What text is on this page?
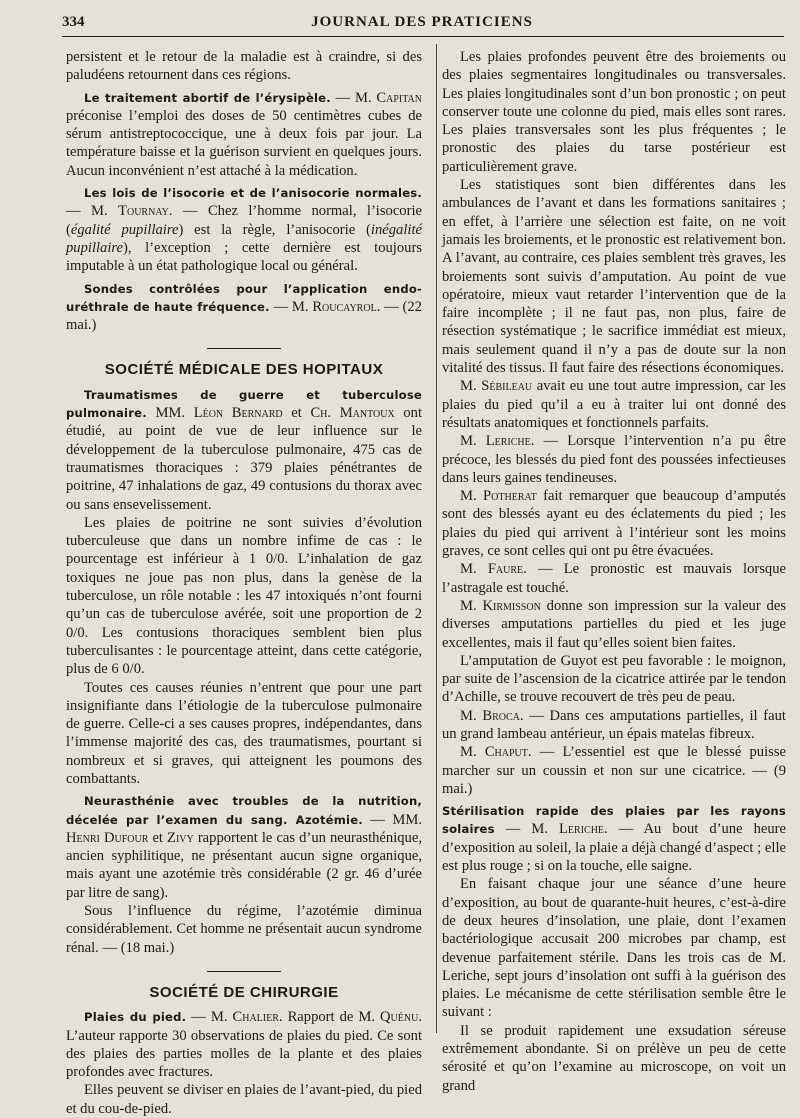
334	JOURNAL DES PRATICIENS

persistent et le retour de la maladie est à craindre, si des paludéens retournent dans ces régions.

Le traitement abortif de l’érysipèle. — M. Capitan préconise l’emploi des doses de 50 centimètres cubes de sérum antistreptococcique, une à deux fois par jour. La température baisse et la guérison survient en quelques jours. Aucun inconvénient n’est attaché à la médication.

Les lois de l’isocorie et de l’anisocorie normales. — M. Tournay. — Chez l’homme normal, l’isocorie (égalité pupillaire) est la règle, l’anisocorie (inégalité pupillaire), l’exception ; cette dernière est toujours imputable à un état pathologique local ou général.

Sondes contrôlées pour l’application endo-uréthrale de haute fréquence. — M. Roucayrol. — (22 mai.)

SOCIÉTÉ MÉDICALE DES HOPITAUX

Traumatismes de guerre et tuberculose pulmonaire. MM. Léon Bernard et Ch. Mantoux ont étudié, au point de vue de leur influence sur le développement de la tuberculose pulmonaire, 475 cas de traumatismes thoraciques : 379 plaies pénétrantes de poitrine, 47 inhalations de gaz, 49 contusions du thorax avec ou sans ensevelissement.

Les plaies de poitrine ne sont suivies d’évolution tuberculeuse que dans un nombre infime de cas : le pourcentage est inférieur à 1 0/0. L’inhalation de gaz toxiques ne joue pas non plus, dans la genèse de la tuberculose, un rôle notable : les 47 intoxiqués n’ont fourni qu’un cas de tuberculose avérée, soit une proportion de 2 0/0. Les contusions thoraciques semblent bien plus tuberculisantes : le pourcentage atteint, dans cette catégorie, plus de 6 0/0.

Toutes ces causes réunies n’entrent que pour une part insignifiante dans l’étiologie de la tuberculose pulmonaire de guerre. Celle-ci a ses causes propres, indépendantes, dans l’immense majorité des cas, des traumatismes, pourtant si nombreux et si graves, qui atteignent les poumons des combattants.

Neurasthénie avec troubles de la nutrition, décelée par l’examen du sang. Azotémie. — MM. Henri Dufour et Zivy rapportent le cas d’un neurasthénique, ancien syphilitique, ne présentant aucun signe organique, mais ayant une azotémie très considérable (2 gr. 46 d’urée par litre de sang).

Sous l’influence du régime, l’azotémie diminua considérablement. Cet homme ne présentait aucun syndrome rénal. — (18 mai.)

SOCIÉTÉ DE CHIRURGIE

Plaies du pied. — M. Chalier. Rapport de M. Quénu. L’auteur rapporte 30 observations de plaies du pied. Ce sont des plaies des parties molles de la plante et des plaies profondes avec fractures.

Elles peuvent se diviser en plaies de l’avant-pied, du pied et du cou-de-pied.

Les plaies profondes peuvent être des broiements ou des plaies segmentaires longitudinales ou transversales. Les plaies longitudinales sont d’un bon pronostic ; on peut conserver toute une colonne du pied, mais elles sont rares. Les plaies transversales sont les plus fréquentes ; le pronostic des plaies du tarse postérieur est particulièrement grave.

Les statistiques sont bien différentes dans les ambulances de l’avant et dans les formations sanitaires ; en effet, à l’arrière une sélection est faite, on ne voit jamais les broiements, et le pronostic est relativement bon. A l’avant, au contraire, ces plaies semblent très graves, les broiements sont suivis d’amputation. Au point de vue opératoire, mieux vaut retarder l’intervention que de la faire incomplète ; il ne faut pas, non plus, faire de résection systématique ; le sacrifice immédiat est mieux, mais seulement quand il n’y a pas de doute sur la non vitalité des tissus. Il faut faire des résections économiques.

M. Sébileau avait eu une tout autre impression, car les plaies du pied qu’il a eu à traiter lui ont donné des résultats anatomiques et fonctionnels parfaits.

M. Leriche. — Lorsque l’intervention n’a pu être précoce, les blessés du pied font des poussées infectieuses dans leurs gaines tendineuses.

M. Potherat fait remarquer que beaucoup d’amputés sont des blessés ayant eu des éclatements du pied ; les plaies du pied qui arrivent à l’intérieur sont les moins graves, ce sont celles qui ont pu être évacuées.

M. Faure. — Le pronostic est mauvais lorsque l’astragale est touché.

M. Kirmisson donne son impression sur la valeur des diverses amputations partielles du pied et les juge excellentes, mais il faut qu’elles soient bien faites.

L’amputation de Guyot est peu favorable : le moignon, par suite de l’ascension de la cicatrice attirée par le tendon d’Achille, se trouve recouvert de très peu de peau.

M. Broca. — Dans ces amputations partielles, il faut un grand lambeau antérieur, un épais matelas fibreux.

M. Chaput. — L’essentiel est que le blessé puisse marcher sur un coussin et non sur une cicatrice. — (9 mai.)

Stérilisation rapide des plaies par les rayons solaires — M. Leriche. — Au bout d’une heure d’exposition au soleil, la plaie a déjà changé d’aspect ; elle est plus rouge ; si on la touche, elle saigne.

En faisant chaque jour une séance d’une heure d’exposition, au bout de quarante-huit heures, c’est-à-dire de deux heures d’insolation, une plaie, dont l’examen bactériologique accusait 200 microbes par champ, est devenue parfaitement stérile. Dans les trois cas de M. Leriche, sept jours d’insolation ont suffi à la guérison des plaies. Le mécanisme de cette stérilisation semble être le suivant :

Il se produit rapidement une exsudation séreuse extrêmement abondante. Si on prélève un peu de cette sérosité et qu’on l’examine au microscope, on voit un grand
